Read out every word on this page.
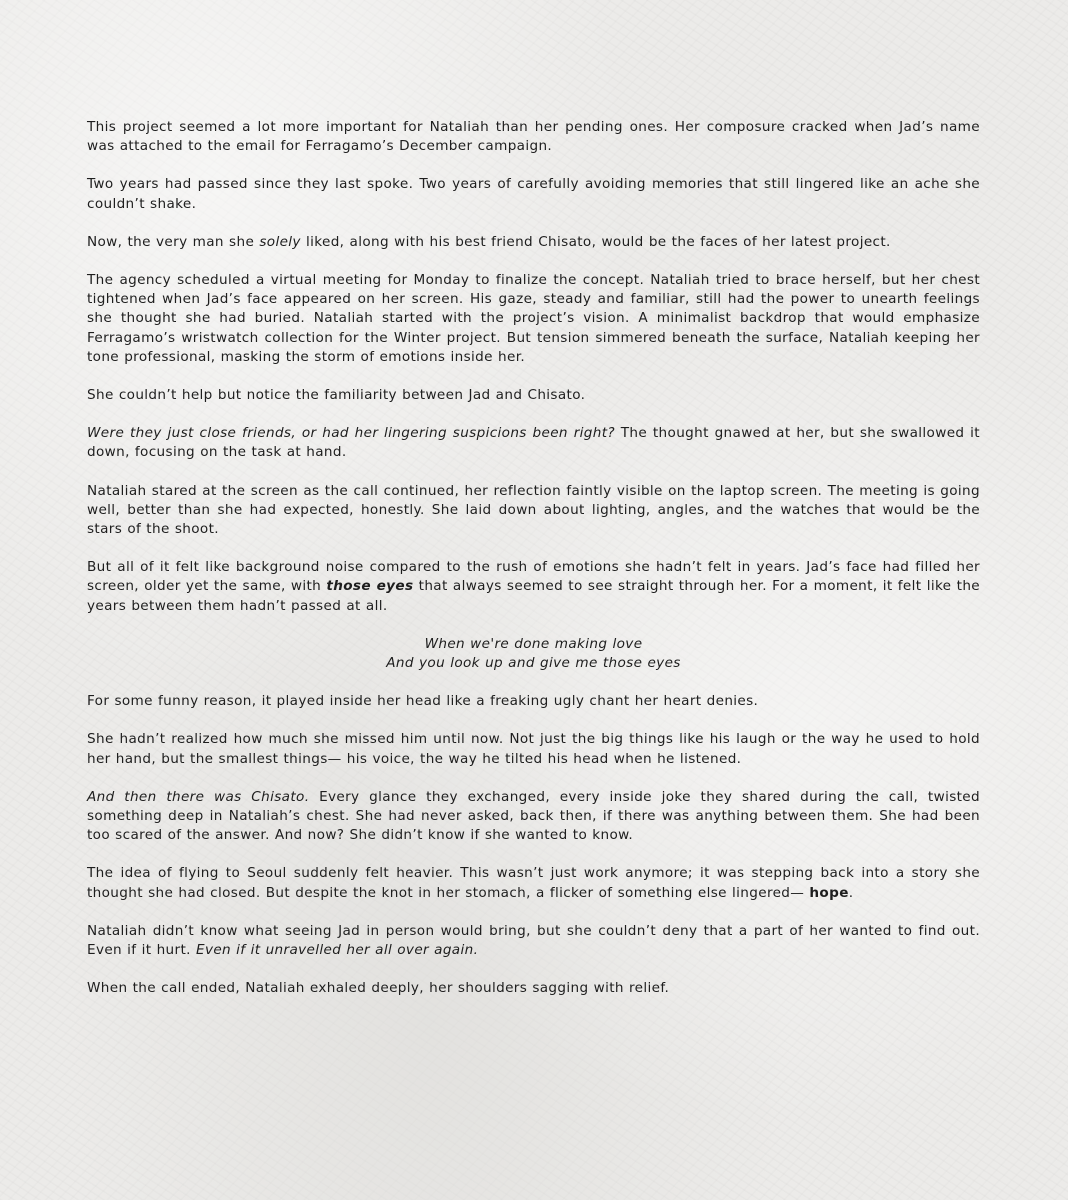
This project seemed a lot more important for Nataliah than her pending ones. Her composure cracked when Jad’s name was attached to the email for Ferragamo’s December campaign.

Two years had passed since they last spoke. Two years of carefully avoiding memories that still lingered like an ache she couldn’t shake.

Now, the very man she solely liked, along with his best friend Chisato, would be the faces of her latest project.

The agency scheduled a virtual meeting for Monday to finalize the concept. Nataliah tried to brace herself, but her chest tightened when Jad’s face appeared on her screen. His gaze, steady and familiar, still had the power to unearth feelings she thought she had buried. Nataliah started with the project’s vision. A minimalist backdrop that would emphasize Ferragamo’s wristwatch collection for the Winter project. But tension simmered beneath the surface, Nataliah keeping her tone professional, masking the storm of emotions inside her.

She couldn’t help but notice the familiarity between Jad and Chisato.

Were they just close friends, or had her lingering suspicions been right? The thought gnawed at her, but she swallowed it down, focusing on the task at hand.

Nataliah stared at the screen as the call continued, her reflection faintly visible on the laptop screen. The meeting is going well, better than she had expected, honestly. She laid down about lighting, angles, and the watches that would be the stars of the shoot.

But all of it felt like background noise compared to the rush of emotions she hadn’t felt in years. Jad’s face had filled her screen, older yet the same, with those eyes that always seemed to see straight through her. For a moment, it felt like the years between them hadn’t passed at all.

When we're done making love
And you look up and give me those eyes

For some funny reason, it played inside her head like a freaking ugly chant her heart denies.

She hadn’t realized how much she missed him until now. Not just the big things like his laugh or the way he used to hold her hand, but the smallest things— his voice, the way he tilted his head when he listened.

And then there was Chisato. Every glance they exchanged, every inside joke they shared during the call, twisted something deep in Nataliah’s chest. She had never asked, back then, if there was anything between them. She had been too scared of the answer. And now? She didn’t know if she wanted to know.

The idea of flying to Seoul suddenly felt heavier. This wasn’t just work anymore; it was stepping back into a story she thought she had closed. But despite the knot in her stomach, a flicker of something else lingered— hope.

Nataliah didn’t know what seeing Jad in person would bring, but she couldn’t deny that a part of her wanted to find out. Even if it hurt. Even if it unravelled her all over again.

When the call ended, Nataliah exhaled deeply, her shoulders sagging with relief.
